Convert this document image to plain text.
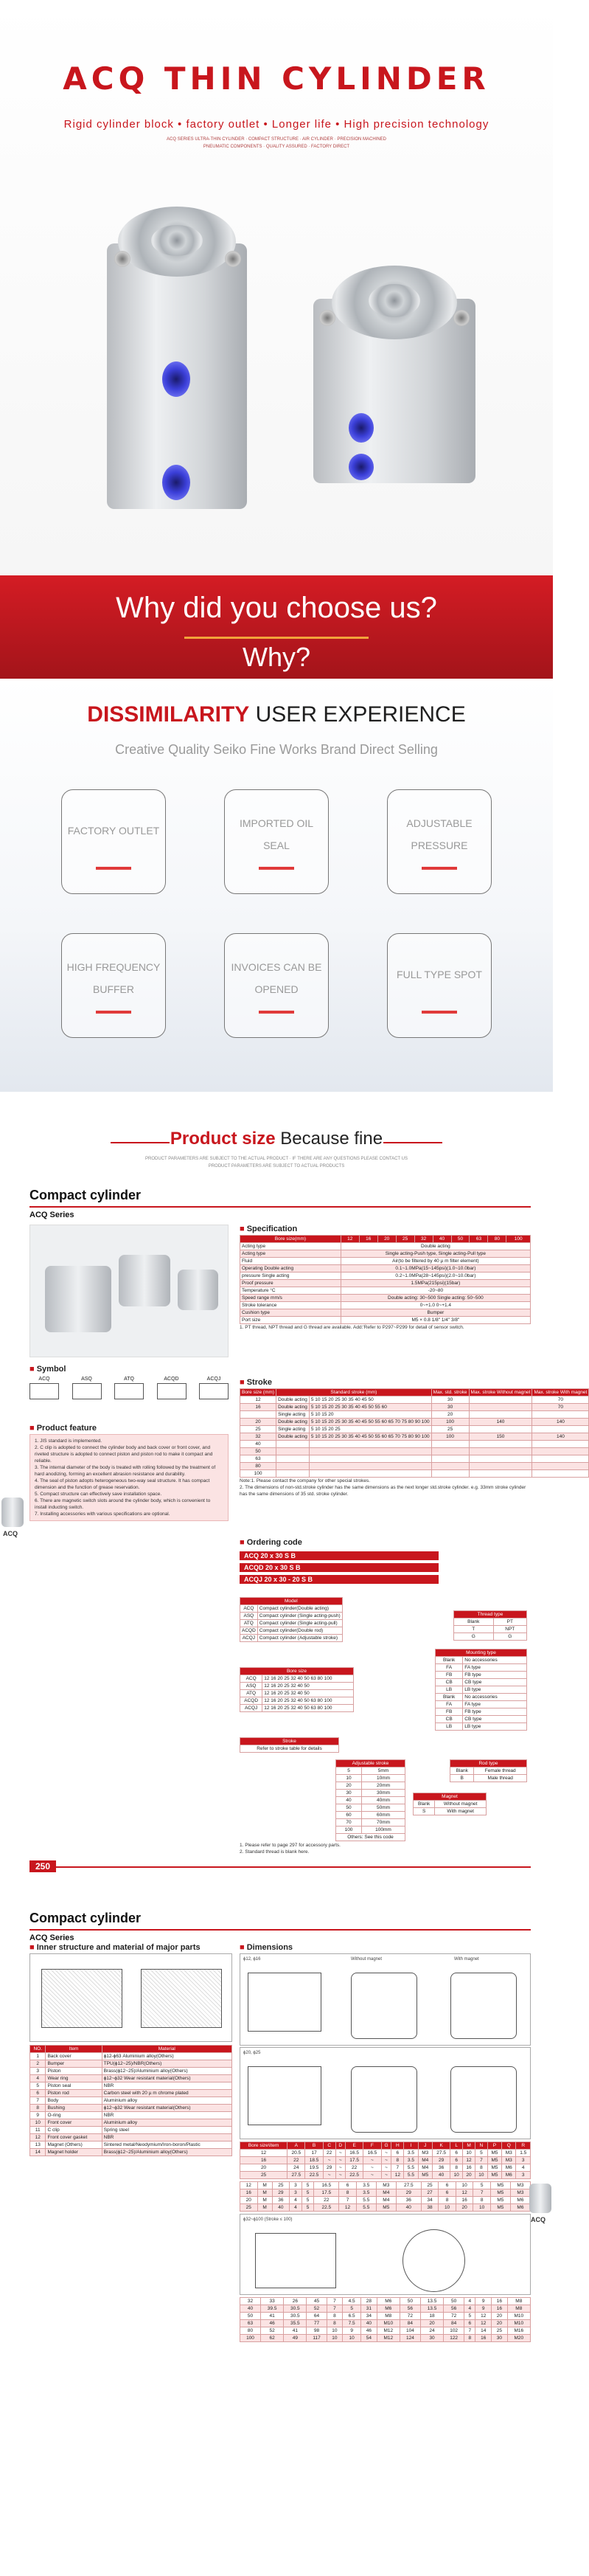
ACQ THIN CYLINDER
Rigid cylinder block • factory outlet • Longer life • High precision technology
ACQ SERIES ULTRA-THIN CYLINDER · COMPACT STRUCTURE · AIR CYLINDER · PRECISION MACHINED
PNEUMATIC COMPONENTS · QUALITY ASSURED · FACTORY DIRECT
Why did you choose us?
Why?
DISSIMILARITY USER EXPERIENCE
Creative Quality Seiko Fine Works Brand Direct Selling
FACTORY OUTLET
IMPORTED OIL
SEAL
ADJUSTABLE
PRESSURE
HIGH FREQUENCY
BUFFER
INVOICES CAN BE
OPENED
FULL TYPE SPOT
Product size Because fine
PRODUCT PARAMETERS ARE SUBJECT TO THE ACTUAL PRODUCT · IF THERE ARE ANY QUESTIONS PLEASE CONTACT US
PRODUCT PARAMETERS ARE SUBJECT TO ACTUAL PRODUCTS
Compact cylinder
ACQ Series
■ Specification
Bore size(mm)	12	16	20	25	32	40	50	63	80	100
Acting type	Double acting									
Acting type	Single acting-Push type, Single acting-Pull type									
Fluid	Air(to be filtered by 40 µ m filter element)									
Operating Double acting	0.1~1.0MPa(15~145psi)(1.0~10.0bar)									
pressure Single acting	0.2~1.0MPa(28~145psi)(2.0~10.0bar)									
Proof pressure	1.5MPa(215psi)(15bar)									
Temperature °C	-20~80									
Speed range mm/s	Double acting: 30~500 Single acting: 50~500									
Stroke tolerance	0~+1.0 0~+1.4									
Cushion type	Bumper									
Port size	M5 × 0.8 1/8" 1/4" 3/8"									
1. PT thread, NPT thread and G thread are available. Add:'Refer to P297~P299 for detail of sensor switch.
■ Symbol
ACQ	ASQ	ATQ	ACQD	ACQJ
■ Product feature
1. JIS standard is implemented.
2. C clip is adopted to connect the cylinder body and back cover or front cover, and riveted structure is adopted to connect piston and piston rod to make it compact and reliable.
3. The internal diameter of the body is treated with rolling followed by the treatment of hard anodizing, forming an excellent abrasion resistance and durability.
4. The seal of piston adopts heterogeneous two-way seal structure. It has compact dimension and the function of grease reservation.
5. Compact structure can effectively save installation space.
6. There are magnetic switch slots around the cylinder body, which is convenient to install inducting switch.
7. Installing accessories with various specifications are optional.
■ Stroke
Bore size (mm)	Standard stroke (mm)		Max. std. stroke	Max. stroke Without magnet	Max. stroke With magnet
12	Double acting	5 10 15 20 25 30 35 40 45 50	30		70
16	Double acting	5 10 15 20 25 30 35 40 45 50 55 60	30		70
	Single acting	5 10 15 20	20		
20	Double acting	5 10 15 20 25 30 35 40 45 50 55 60 65 70 75 80 90 100	100	140	140
25	Single acting	5 10 15 20 25	25		
32	Double acting	5 10 15 20 25 30 35 40 45 50 55 60 65 70 75 80 90 100	100	150	140
40					
50					
63					
80					
100					
Note:1. Please contact the company for other special strokes.
2. The dimensions of non-std.stroke cylinder has the same dimensions as the next longer std.stroke cylinder. e.g. 33mm stroke cylinder has the same dimensions of 35 std. stroke cylinder.
■ Ordering code
ACQ 20 x 30 S B
ACQD 20 x 30 S B
ACQJ 20 x 30 - 20 S B
Model	
ACQ	Compact cylinder(Double acting)
ASQ	Compact cylinder (Single acting-push)
ATQ	Compact cylinder (Single acting-pull)
ACQD	Compact cylinder(Double rod)
ACQJ	Compact cylinder (Adjustable stroke)
Bore size	
ACQ	12 16 20 25 32 40 50 63 80 100
ASQ	12 16 20 25 32 40 50
ATQ	12 16 20 25 32 40 50
ACQD	12 16 20 25 32 40 50 63 80 100
ACQJ	12 16 20 25 32 40 50 63 80 100
Stroke
Refer to stroke table for details
Adjustable stroke	
5	5mm
10	10mm
20	20mm
30	30mm
40	40mm
50	50mm
60	60mm
70	70mm
100	100mm
Others: See this code	
Thread type	
Blank	PT
T	NPT
G	G
Mounting type	
Blank	No accessories
FA	FA type
FB	FB type
CB	CB type
LB	LB type
Blank	No accessories
FA	FA type
FB	FB type
CB	CB type
LB	LB type
Rod type	
Blank	Female thread
B	Male thread
Magnet	
Blank	Without magnet
S	With magnet
1. Please refer to page 297 for accessory parts.
2. Standard thread is blank here.
250
ACQ
Compact cylinder
ACQ Series
■ Inner structure and material of major parts
NO.	Item	Material
1	Back cover	ϕ12-ϕ63 Aluminium alloy(Others)
2	Bumper	TPU(ϕ12~25)/NBR(Others)
3	Piston	Brass(ϕ12~25)/Aluminium alloy(Others)
4	Wear ring	ϕ12~ϕ32 Wear resistant material(Others)
5	Piston seal	NBR
6	Piston rod	Carbon steel with 20 µ m chrome plated
7	Body	Aluminium alloy
8	Bushing	ϕ12~ϕ32 Wear resistant material(Others)
9	O-ring	NBR
10	Front cover	Aluminium alloy
11	C clip	Spring steel
12	Front cover gasket	NBR
13	Magnet (Others)	Sintered metal/Neodymium/Iron-boron/Plastic
14	Magnet holder	Brass(ϕ12~25)/Aluminium alloy(Others)
■ Dimensions
ϕ12, ϕ16	Without magnet	With magnet
ϕ20, ϕ25
Bore size\Item	A	B	C	D	E	F	G	H	I	J	K	L	M	N	P	Q	R
12	20.5	17	22	~	16.5	16.5	~	6	3.5	M3	27.5	6	10	5	M5	M3	1.5
16	22	18.5	~	~	17.5	~	~	8	3.5	M4	29	6	12	7	M5	M3	3
20	24	19.5	29	~	22	~	~	7	5.5	M4	36	8	16	8	M5	M6	4
25	27.5	22.5	~	~	22.5	~	~	12	5.5	M5	40	10	20	10	M5	M6	3
12	M	25	3	5	16.5	6	3.5	M3	27.5	25	6	10	5	M5	M3
16	M	29	3	5	17.5	8	3.5	M4	29	27	6	12	7	M5	M3
20	M	36	4	5	22	7	5.5	M4	36	34	8	16	8	M5	M6
25	M	40	4	5	22.5	12	5.5	M5	40	38	10	20	10	M5	M6
ϕ32~ϕ100 (Stroke ≤ 100)
32	33	26	45	7	4.5	28	M6	50	13.5	50	4	9	16	M8
40	39.5	30.5	52	7	5	31	M6	56	13.5	56	4	9	16	M8
50	41	30.5	64	8	6.5	34	M8	72	18	72	5	12	20	M10
63	46	35.5	77	8	7.5	40	M10	84	20	84	6	12	20	M10
80	52	41	98	10	9	46	M12	104	24	102	7	14	25	M16
100	62	49	117	10	10	54	M12	124	30	122	8	16	30	M20
ACQ
